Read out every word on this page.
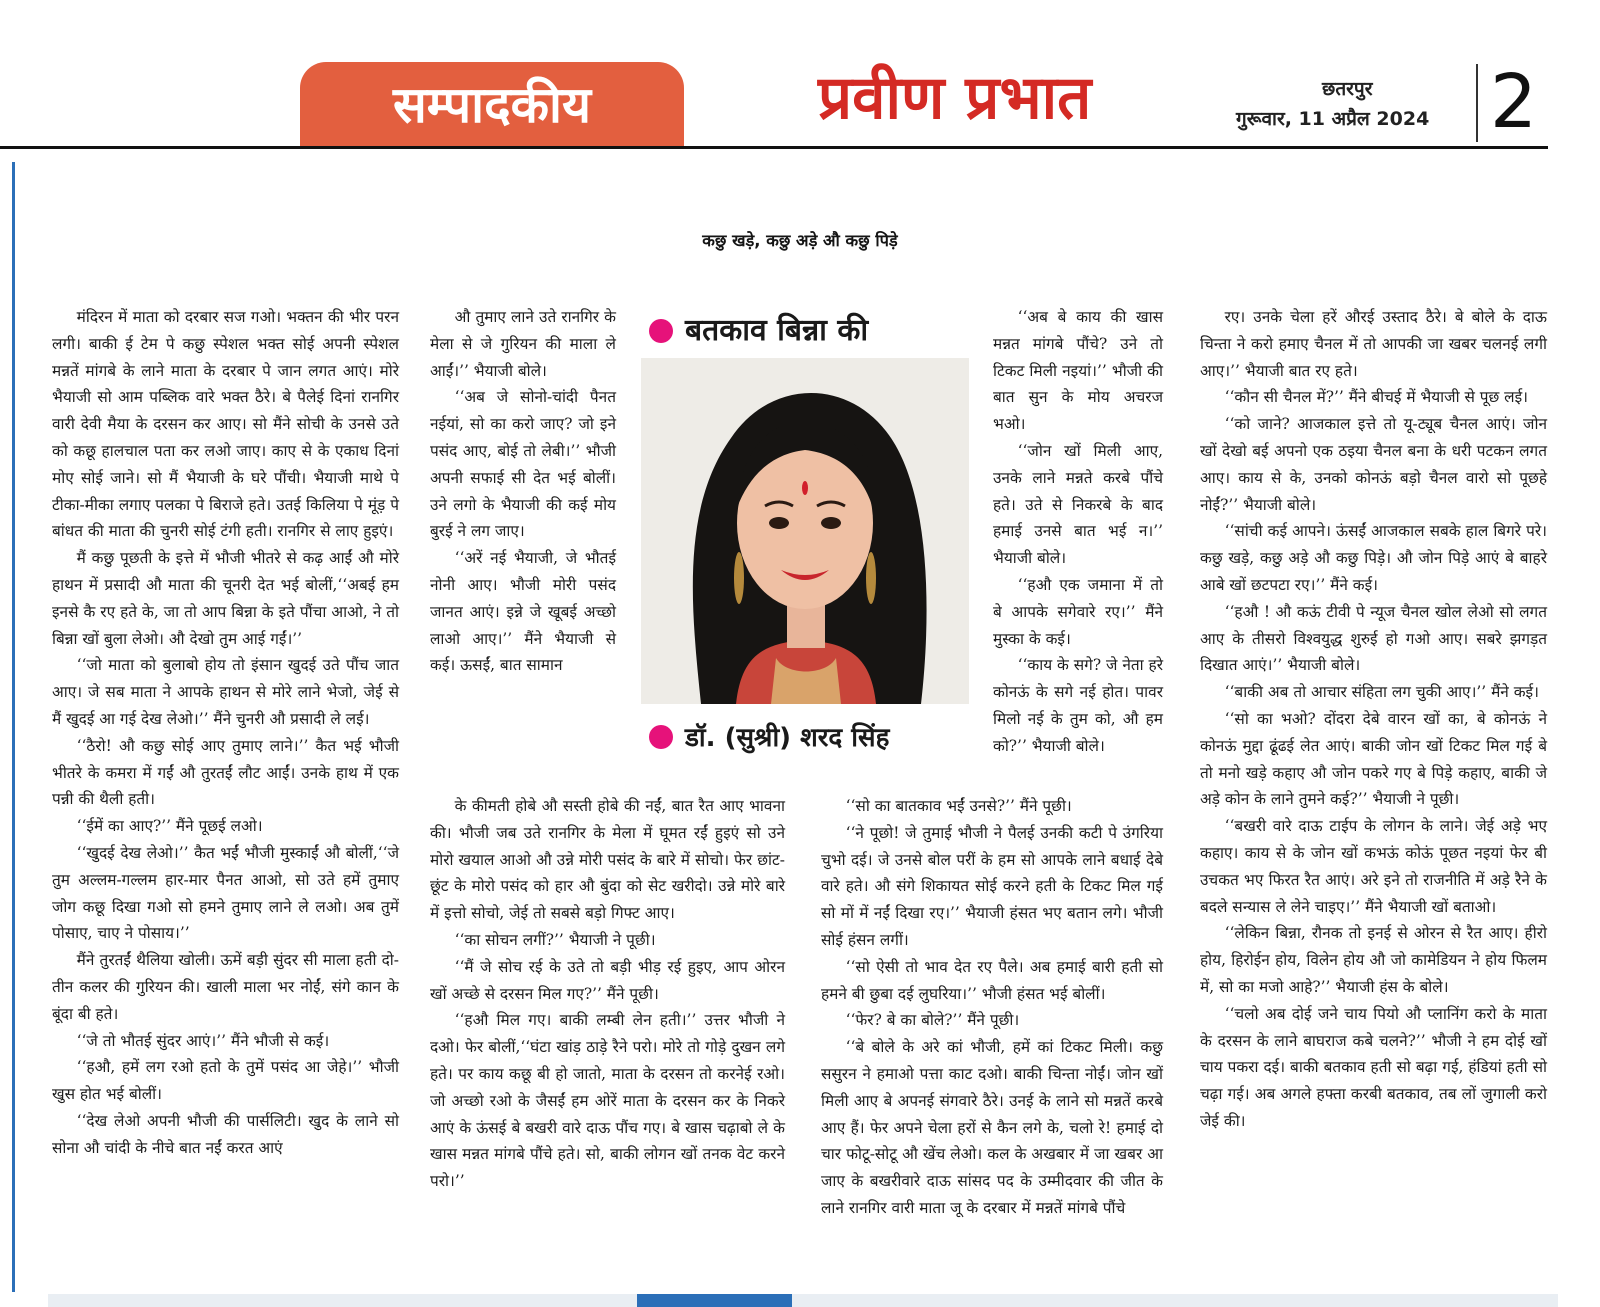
सम्पादकीय	प्रवीण प्रभात	छतरपुर
गुरूवार, 11 अप्रैल 2024 2
कछु खड़े, कछु अड़े औ कछु पिड़े

मंदिरन में माता को दरबार सज गओ। भक्तन की भीर परन लगी। बाकी ई टेम पे कछु स्पेशल भक्त सोई अपनी स्पेशल मन्नतें मांगबे के लाने माता के दरबार पे जान लगत आएं। मोरे भैयाजी सो आम पब्लिक वारे भक्त ठैरे। बे पैलेई दिनां रानगिर वारी देवी मैया के दरसन कर आए। सो मैंने सोची के उनसे उते को कछू हालचाल पता कर लओ जाए। काए से के एकाध दिनां मोए सोई जाने। सो मैं भैयाजी के घरे पौंची। भैयाजी माथे पे टीका-मीका लगाए पलका पे बिराजे हते। उतई किलिया पे मूंड़ पे बांधत की माता की चुनरी सोई टंगी हती। रानगिर से लाए हुइएं।

मैं कछु पूछती के इत्ते में भौजी भीतरे से कढ़ आईं औ मोरे हाथन में प्रसादी औ माता की चूनरी देत भई बोलीं,‘‘अबई हम इनसे कै रए हते के, जा तो आप बिन्ना के इते पौंचा आओ, ने तो बिन्ना खों बुला लेओ। औ देखो तुम आई गईं।’’

‘‘जो माता को बुलाबो होय तो इंसान खुदई उते पौंच जात आए। जे सब माता ने आपके हाथन से मोरे लाने भेजो, जेई से मैं खुदई आ गई देख लेओ।’’ मैंने चुनरी औ प्रसादी ले लई।

‘‘ठैरो! औ कछु सोई आए तुमाए लाने।’’ कैत भई भौजी भीतरे के कमरा में गईं औ तुरतईं लौट आईं। उनके हाथ में एक पन्नी की थैली हती।

‘‘ईमें का आए?’’ मैंने पूछई लओ।

‘‘खुदई देख लेओ।’’ कैत भईं भौजी मुस्काईं औ बोलीं,‘‘जे तुम अल्लम-गल्लम हार-मार पैनत आओ, सो उते हमें तुमाए जोग कछू दिखा गओ सो हमने तुमाए लाने ले लओ। अब तुमें पोसाए, चाए ने पोसाय।’’

मैंने तुरतईं थैलिया खोली। ऊमें बड़ी सुंदर सी माला हती दो-तीन कलर की गुरियन की। खाली माला भर नोईं, संगे कान के बूंदा बी हते।

‘‘जे तो भौतई सुंदर आएं।’’ मैंने भौजी से कई।

‘‘हऔ, हमें लग रओ हतो के तुमें पसंद आ जेहे।’’ भौजी खुस होत भई बोलीं।

‘‘देख लेओ अपनी भौजी की पार्सलिटी। खुद के लाने सो सोना औ चांदी के नीचे बात नईं करत आएं

औ तुमाए लाने उते रानगिर के मेला से जे गुरियन की माला ले आईं।’’ भैयाजी बोले।

‘‘अब जे सोनो-चांदी पैनत नईयां, सो का करो जाए? जो इने पसंद आए, बोई तो लेबी।’’ भौजी अपनी सफाई सी देत भई बोलीं। उने लगो के भैयाजी की कई मोय बुरई ने लग जाए।

‘‘अरें नई भैयाजी, जे भौतई नोनी आए। भौजी मोरी पसंद जानत आएं। इन्ने जे खूबई अच्छो लाओ आए।’’ मैंने भैयाजी से कई। ऊसईं, बात सामान

बतकाव बिन्ना की
डॉ. (सुश्री) शरद सिंह

‘‘अब बे काय की खास मन्नत मांगबे पौंचे? उने तो टिकट मिली नइयां।’’ भौजी की बात सुन के मोय अचरज भओ।

‘‘जोन खों मिली आए, उनके लाने मन्नते करबे पौंचे हते। उते से निकरबे के बाद हमाई उनसे बात भई न।’’ भैयाजी बोले।

‘‘हऔ एक जमाना में तो बे आपके सगेवारे रए।’’ मैंने मुस्का के कई।

‘‘काय के सगे? जे नेता हरे कोनऊं के सगे नई होत। पावर मिलो नई के तुम को, औ हम को?’’ भैयाजी बोले।

रए। उनके चेला हरें औरई उस्ताद ठैरे। बे बोले के दाऊ चिन्ता ने करो हमाए चैनल में तो आपकी जा खबर चलनई लगी आए।’’ भैयाजी बात रए हते।

‘‘कौन सी चैनल में?’’ मैंने बीचई में भैयाजी से पूछ लई।

‘‘को जाने? आजकाल इत्ते तो यू-ट्यूब चैनल आएं। जोन खों देखो बई अपनो एक ठइया चैनल बना के धरी पटकन लगत आए। काय से के, उनको कोनऊं बड़ो चैनल वारो सो पूछहे नोईं?’’ भैयाजी बोले।

‘‘सांची कई आपने। ऊंसईं आजकाल सबके हाल बिगरे परे। कछु खड़े, कछु अड़े औ कछु पिड़े। औ जोन पिड़े आएं बे बाहरे आबे खों छटपटा रए।’’ मैंने कई।

‘‘हऔ ! औ कऊं टीवी पे न्यूज चैनल खोल लेओ सो लगत आए के तीसरो विश्वयुद्ध शुरुई हो गओ आए। सबरे झगड़त दिखात आएं।’’ भैयाजी बोले।

‘‘बाकी अब तो आचार संहिता लग चुकी आए।’’ मैंने कई।

‘‘सो का भओ? दोंदरा देबे वारन खों का, बे कोनऊं ने कोनऊं मुद्दा ढूंढई लेत आएं। बाकी जोन खों टिकट मिल गई बे तो मनो खड़े कहाए औ जोन पकरे गए बे पिड़े कहाए, बाकी जे अड़े कोन के लाने तुमने कई?’’ भैयाजी ने पूछी।

‘‘बखरी वारे दाऊ टाईप के लोगन के लाने। जेई अड़े भए कहाए। काय से के जोन खों कभऊं कोऊं पूछत नइयां फेर बी उचकत भए फिरत रैत आएं। अरे इने तो राजनीति में अड़े रैने के बदले सन्यास ले लेने चाइए।’’ मैंने भैयाजी खों बताओ।

‘‘लेकिन बिन्ना, रौनक तो इनई से ओरन से रैत आए। हीरो होय, हिरोईन होय, विलेन होय औ जो कामेडियन ने होय फिलम में, सो का मजो आहे?’’ भैयाजी हंस के बोले।

‘‘चलो अब दोई जने चाय पियो औ प्लानिंग करो के माता के दरसन के लाने बाघराज कबे चलने?’’ भौजी ने हम दोई खों चाय पकरा दई। बाकी बतकाव हती सो बढ़ा गई, हंडियां हती सो चढ़ा गई। अब अगले हफ्ता करबी बतकाव, तब लों जुगाली करो जेई की।

के कीमती होबे औ सस्ती होबे की नईं, बात रैत आए भावना की। भौजी जब उते रानगिर के मेला में घूमत रईं हुइएं सो उने मोरो खयाल आओ औ उन्ने मोरी पसंद के बारे में सोचो। फेर छांट-छूंट के मोरो पसंद को हार औ बुंदा को सेट खरीदो। उन्ने मोरे बारे में इत्तो सोचो, जेई तो सबसे बड़ो गिफ्ट आए।

‘‘का सोचन लगीं?’’ भैयाजी ने पूछी।

‘‘मैं जे सोच रई के उते तो बड़ी भीड़ रई हुइए, आप ओरन खों अच्छे से दरसन मिल गए?’’ मैंने पूछी।

‘‘हऔ मिल गए। बाकी लम्बी लेन हती।’’ उत्तर भौजी ने दओ। फेर बोलीं,‘‘घंटा खांड़ ठाड़े रैने परो। मोरे तो गोड़े दुखन लगे हते। पर काय कछू बी हो जातो, माता के दरसन तो करनेई रओ। जो अच्छो रओ के जैसईं हम ओरें माता के दरसन कर के निकरे आएं के ऊंसई बे बखरी वारे दाऊ पौंच गए। बे खास चढ़ाबो ले के खास मन्नत मांगबे पौंचे हते। सो, बाकी लोगन खों तनक वेट करने परो।’’

‘‘सो का बातकाव भईं उनसे?’’ मैंने पूछी।

‘‘ने पूछो! जे तुमाई भौजी ने पैलई उनकी कटी पे उंगरिया चुभो दई। जे उनसे बोल परीं के हम सो आपके लाने बधाई देबे वारे हते। औ संगे शिकायत सोई करने हती के टिकट मिल गई सो मों में नईं दिखा रए।’’ भैयाजी हंसत भए बतान लगे। भौजी सोई हंसन लगीं।

‘‘सो ऐसी तो भाव देत रए पैले। अब हमाई बारी हती सो हमने बी छुबा दई लुघरिया।’’ भौजी हंसत भई बोलीं।

‘‘फेर? बे का बोले?’’ मैंने पूछी।

‘‘बे बोले के अरे कां भौजी, हमें कां टिकट मिली। कछु ससुरन ने हमाओ पत्ता काट दओ। बाकी चिन्ता नोईं। जोन खों मिली आए बे अपनई संगवारे ठैरे। उनई के लाने सो मन्नतें करबे आए हैं। फेर अपने चेला हरों से कैन लगे के, चलो रे! हमाई दो चार फोटू-सोटू औ खेंच लेओ। कल के अखबार में जा खबर आ जाए के बखरीवारे दाऊ सांसद पद के उम्मीदवार की जीत के लाने रानगिर वारी माता जू के दरबार में मन्नतें मांगबे पौंचे
